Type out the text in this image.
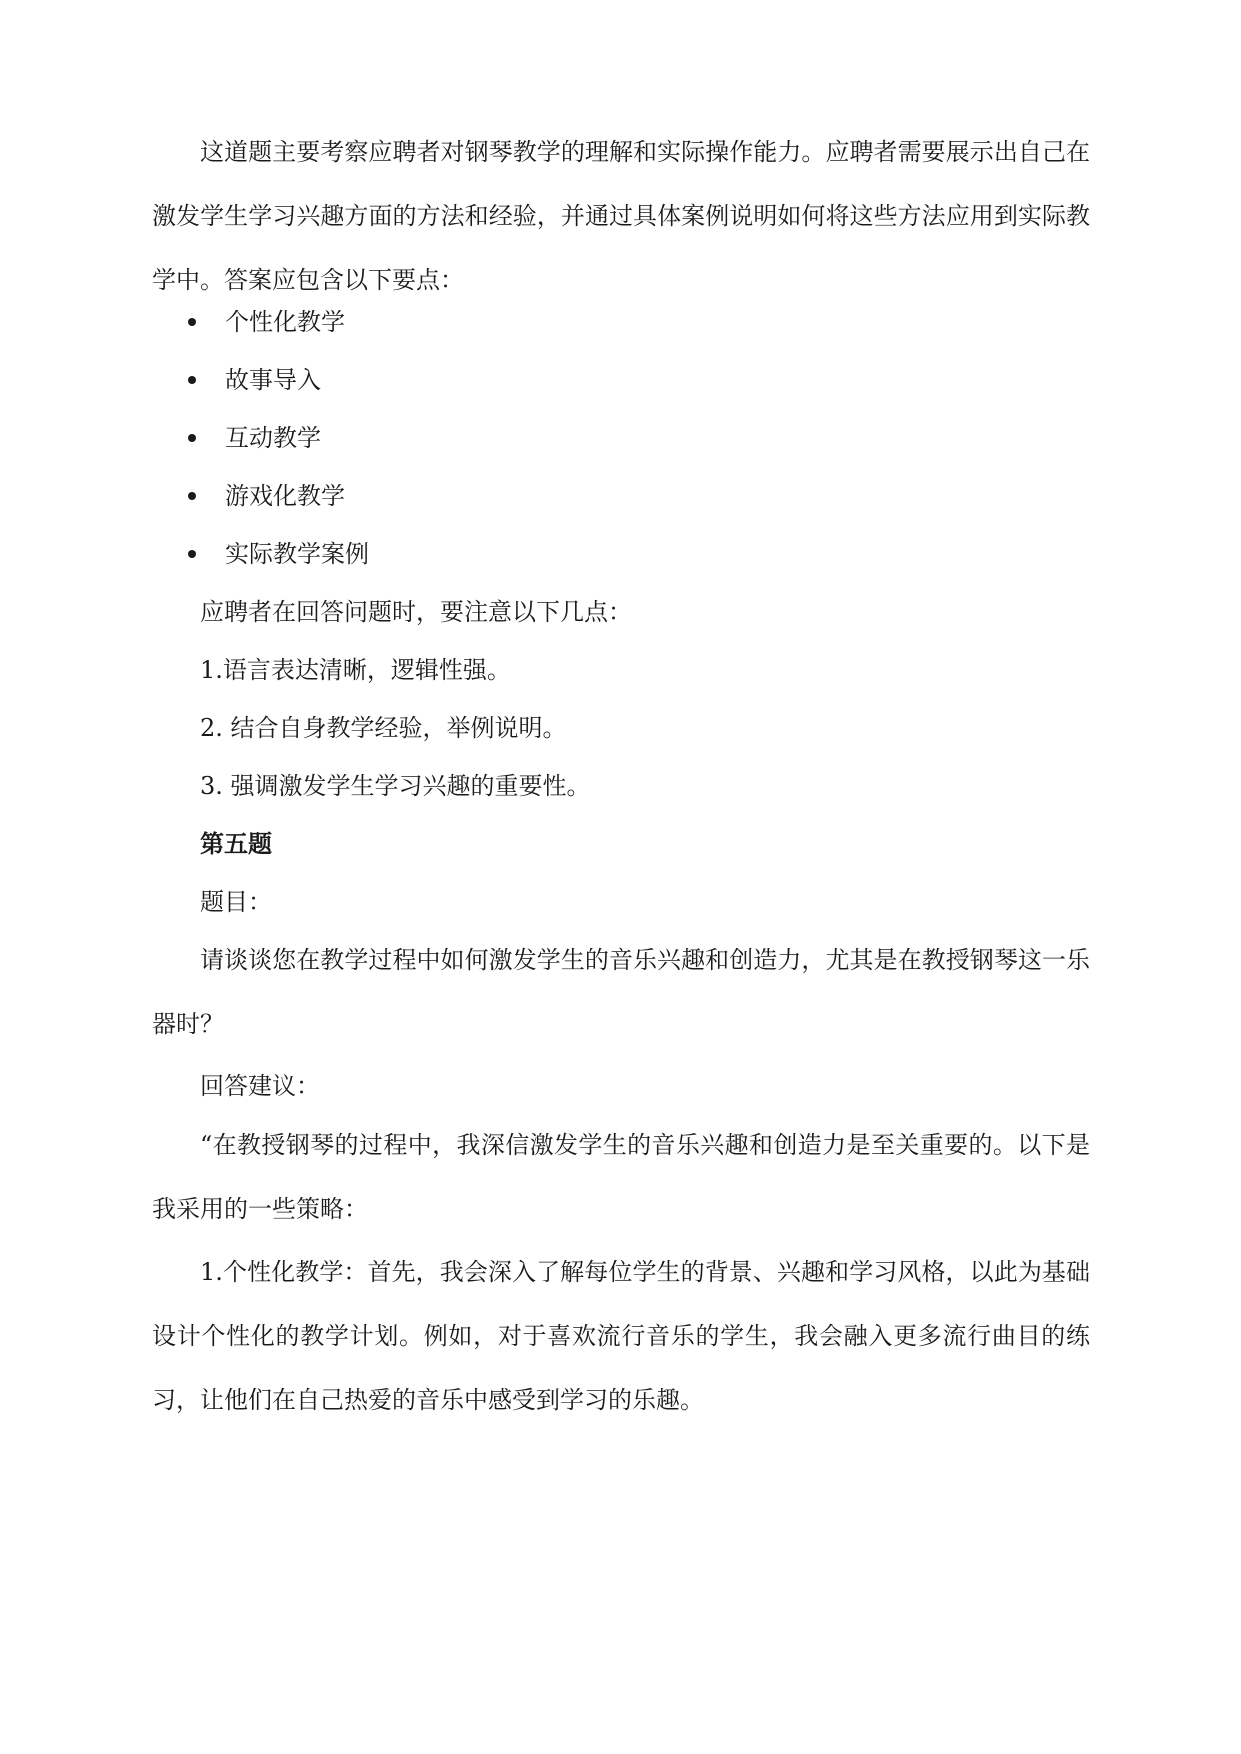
这道题主要考察应聘者对钢琴教学的理解和实际操作能力。应聘者需要展示出自己在激发学生学习兴趣方面的方法和经验，并通过具体案例说明如何将这些方法应用到实际教学中。答案应包含以下要点：

个性化教学
故事导入
互动教学
游戏化教学
实际教学案例

应聘者在回答问题时，要注意以下几点：

1.语言表达清晰，逻辑性强。

2. 结合自身教学经验，举例说明。

3. 强调激发学生学习兴趣的重要性。

第五题

题目：

请谈谈您在教学过程中如何激发学生的音乐兴趣和创造力，尤其是在教授钢琴这一乐器时？

回答建议：

“在教授钢琴的过程中，我深信激发学生的音乐兴趣和创造力是至关重要的。以下是我采用的一些策略：

1.个性化教学：首先，我会深入了解每位学生的背景、兴趣和学习风格，以此为基础设计个性化的教学计划。例如，对于喜欢流行音乐的学生，我会融入更多流行曲目的练习，让他们在自己热爱的音乐中感受到学习的乐趣。
